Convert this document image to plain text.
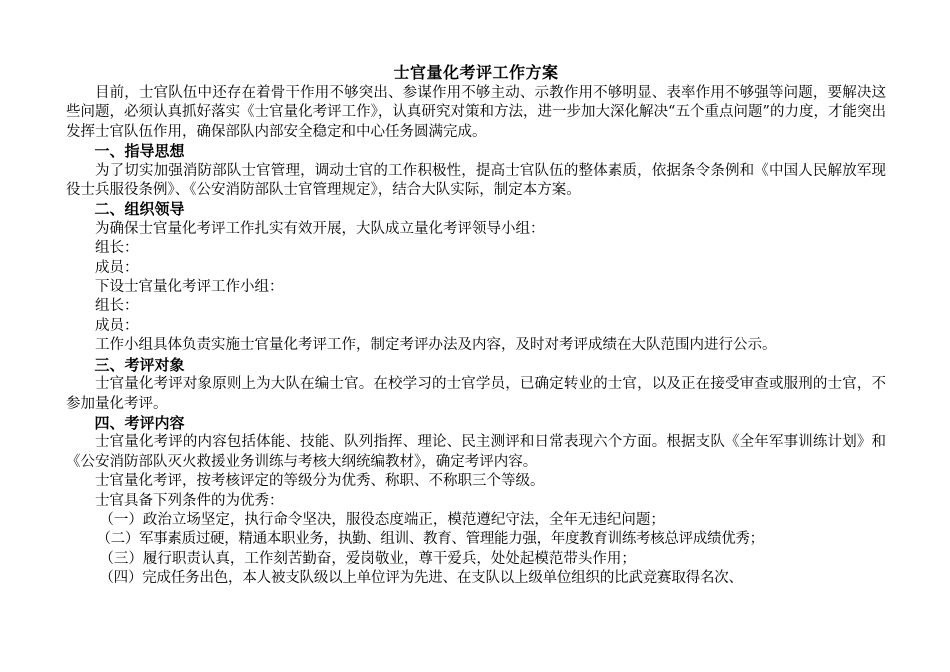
士官量化考评工作方案

目前，士官队伍中还存在着骨干作用不够突出、参谋作用不够主动、示教作用不够明显、表率作用不够强等问题，要解决这些问题，必须认真抓好落实《士官量化考评工作》，认真研究对策和方法，进一步加大深化解决“五个重点问题”的力度，才能突出发挥士官队伍作用，确保部队内部安全稳定和中心任务圆满完成。

一、指导思想

为了切实加强消防部队士官管理，调动士官的工作积极性，提高士官队伍的整体素质，依据条令条例和《中国人民解放军现役士兵服役条例》、《公安消防部队士官管理规定》，结合大队实际，制定本方案。

二、组织领导

为确保士官量化考评工作扎实有效开展，大队成立量化考评领导小组：

组长：

成员：

下设士官量化考评工作小组：

组长：

成员：

工作小组具体负责实施士官量化考评工作，制定考评办法及内容，及时对考评成绩在大队范围内进行公示。

三、考评对象

士官量化考评对象原则上为大队在编士官。在校学习的士官学员，已确定转业的士官，以及正在接受审查或服刑的士官，不参加量化考评。

四、考评内容

士官量化考评的内容包括体能、技能、队列指挥、理论、民主测评和日常表现六个方面。根据支队《全年军事训练计划》和《公安消防部队灭火救援业务训练与考核大纲统编教材》，确定考评内容。

士官量化考评，按考核评定的等级分为优秀、称职、不称职三个等级。

士官具备下列条件的为优秀：

（一）政治立场坚定，执行命令坚决，服役态度端正，模范遵纪守法，全年无违纪问题；

（二）军事素质过硬，精通本职业务，执勤、组训、教育、管理能力强，年度教育训练考核总评成绩优秀；

（三）履行职责认真，工作刻苦勤奋，爱岗敬业，尊干爱兵，处处起模范带头作用；

（四）完成任务出色，本人被支队级以上单位评为先进、在支队以上级单位组织的比武竞赛取得名次、
